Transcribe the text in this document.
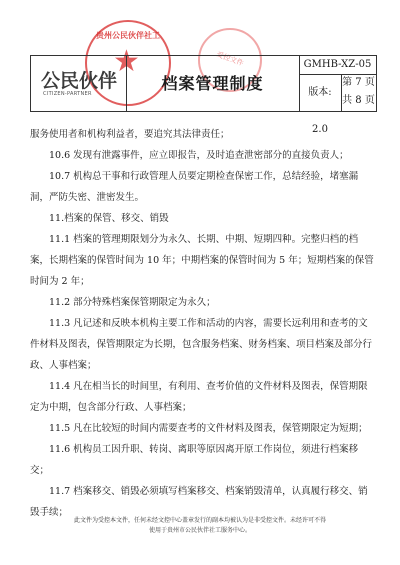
贵州公民伙伴社工
★	受控文件
公民伙伴
CITIZEN-PARTNER
档案管理制度
GMHB-XZ-05
版本: 2.0
第 7 页
共 8 页

服务使用者和机构利益者，要追究其法律责任；

10.6 发现有泄露事件，应立即报告，及时追查泄密部分的直接负责人；

10.7 机构总干事和行政管理人员要定期检查保密工作，总结经验，堵塞漏洞，严防失密、泄密发生。

11.档案的保管、移交、销毁

11.1 档案的管理期限划分为永久、长期、中期、短期四种。完整归档的档案，长期档案的保管时间为 10 年；中期档案的保管时间为 5 年；短期档案的保管时间为 2 年；

11.2 部分特殊档案保管期限定为永久；

11.3 凡记述和反映本机构主要工作和活动的内容，需要长远利用和查考的文件材料及图表，保管期限定为长期，包含服务档案、财务档案、项目档案及部分行政、人事档案；

11.4 凡在相当长的时间里，有利用、查考价值的文件材料及图表，保管期限定为中期，包含部分行政、人事档案；

11.5 凡在比较短的时间内需要查考的文件材料及图表，保管期限定为短期；

11.6 机构员工因升职、转岗、离职等原因离开原工作岗位，须进行档案移交；

11.7 档案移交、销毁必须填写档案移交、档案销毁清单，认真履行移交、销毁手续；

此文件为受控本文件，任何未经文控中心盖章发行的副本均被认为是非受控文件。未经许可不得
使用于贵州市公民伙伴社工服务中心。
